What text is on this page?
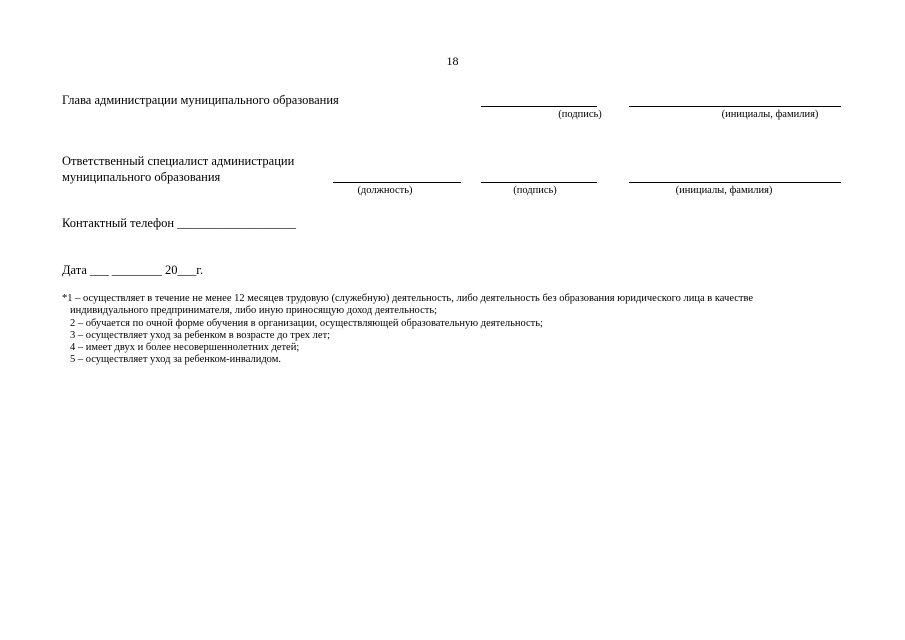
18
Глава администрации муниципального образования
(подпись)	(инициалы, фамилия)
Ответственный специалист администрации
муниципального образования
(должность)	(подпись)	(инициалы, фамилия)
Контактный телефон ___________________
Дата ___ ________ 20___г.
*1 – осуществляет в течение не менее 12 месяцев трудовую (служебную) деятельность, либо деятельность без образования юридического лица в качестве
индивидуального предпринимателя, либо иную приносящую доход деятельность;
2 – обучается по очной форме обучения в организации, осуществляющей образовательную деятельность;
3 – осуществляет уход за ребенком в возрасте до трех лет;
4 – имеет двух и более несовершеннолетних детей;
5 – осуществляет уход за ребенком-инвалидом.
